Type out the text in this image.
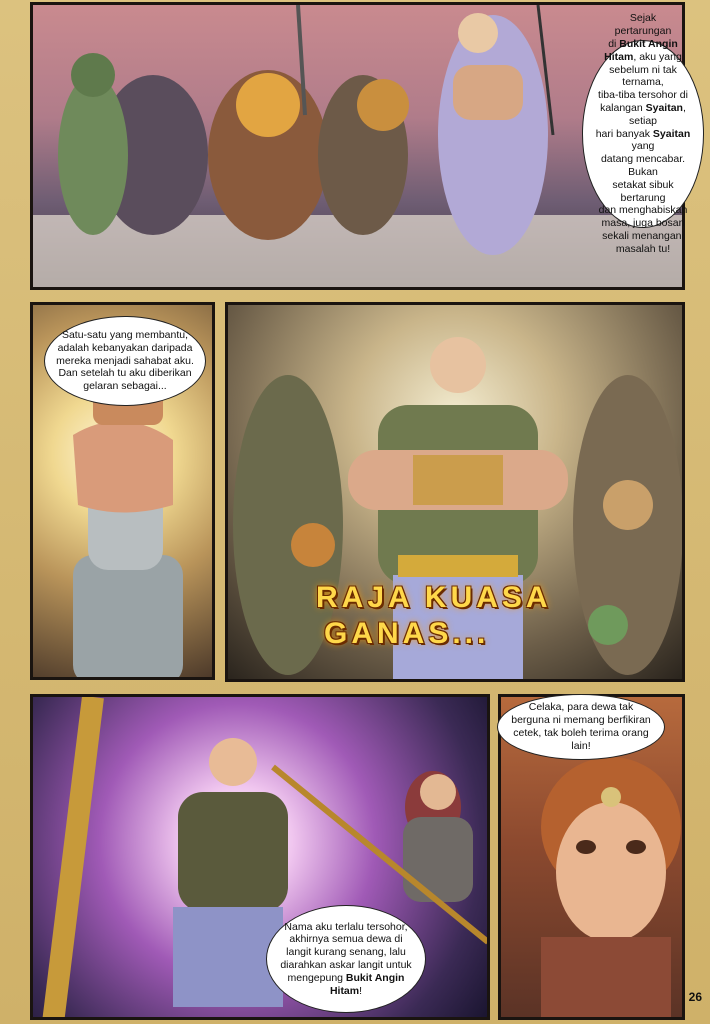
Sejak
pertarungan
di Bukit Angin
Hitam, aku yang
sebelum ni tak ternama,
tiba-tiba tersohor di
kalangan Syaitan, setiap
hari banyak Syaitan yang
datang mencabar. Bukan
setakat sibuk bertarung
dan menghabiskan
masa, juga bosan
sekali menangani
masalah tu!
Satu-satu yang membantu, adalah kebanyakan daripada mereka menjadi sahabat aku. Dan setelah tu aku diberikan gelaran sebagai...
RAJA KUASA
GANAS...
Nama aku terlalu tersohor, akhirnya semua dewa di langit kurang senang, lalu diarahkan askar langit untuk mengepung Bukit Angin Hitam!
Celaka, para dewa tak berguna ni memang berfikiran cetek, tak boleh terima orang lain!
26
